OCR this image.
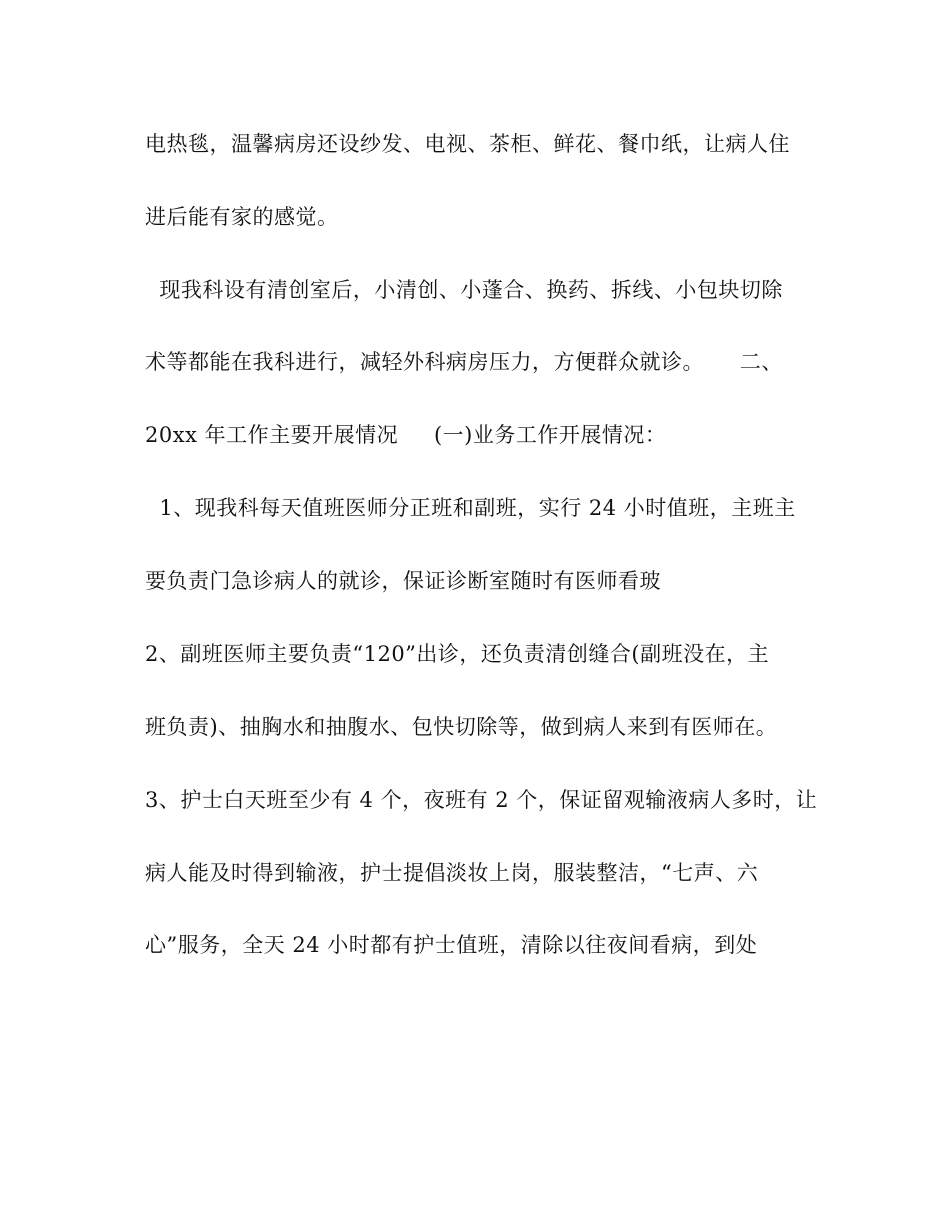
电热毯，温馨病房还设纱发、电视、茶柜、鲜花、餐巾纸，让病人住
进后能有家的感觉。
现我科设有清创室后，小清创、小蓬合、换药、拆线、小包块切除
术等都能在我科进行，减轻外科病房压力，方便群众就诊。     二、
20xx 年工作主要开展情况     (一)业务工作开展情况：
1、现我科每天值班医师分正班和副班，实行 24 小时值班，主班主
要负责门急诊病人的就诊，保证诊断室随时有医师看玻
2、副班医师主要负责“120”出诊，还负责清创缝合(副班没在，主
班负责)、抽胸水和抽腹水、包快切除等，做到病人来到有医师在。
3、护士白天班至少有 4 个，夜班有 2 个，保证留观输液病人多时，让
病人能及时得到输液，护士提倡淡妆上岗，服装整洁，“七声、六
心”服务，全天 24 小时都有护士值班，清除以往夜间看病，到处
